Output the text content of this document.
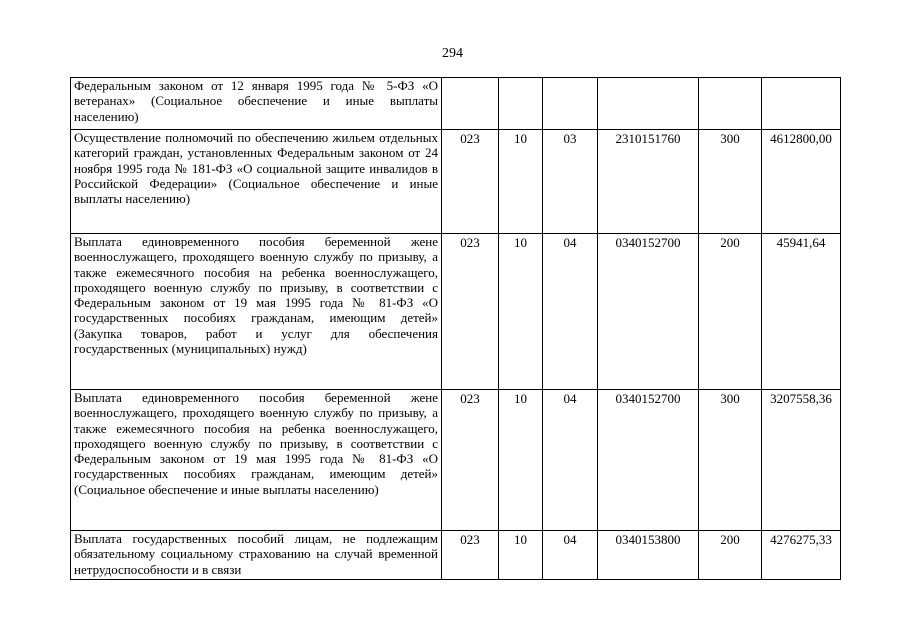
294
Федеральным законом от 12 января 1995 года № 5-ФЗ «О ветеранах» (Социальное обеспечение и иные выплаты населению)						
Осуществление полномочий по обеспечению жильем отдельных категорий граждан, установленных Федеральным законом от 24 ноября 1995 года № 181-ФЗ «О социальной защите инвалидов в Российской Федерации» (Социальное обеспечение и иные выплаты населению)	023	10	03	2310151760	300	4612800,00
Выплата единовременного пособия беременной жене военнослужащего, проходящего военную службу по призыву, а также ежемесячного пособия на ребенка военнослужащего, проходящего военную службу по призыву, в соответствии с Федеральным законом от 19 мая 1995 года № 81-ФЗ «О государственных пособиях гражданам, имеющим детей» (Закупка товаров, работ и услуг для обеспечения государственных (муниципальных) нужд)	023	10	04	0340152700	200	45941,64
Выплата единовременного пособия беременной жене военнослужащего, проходящего военную службу по призыву, а также ежемесячного пособия на ребенка военнослужащего, проходящего военную службу по призыву, в соответствии с Федеральным законом от 19 мая 1995 года № 81-ФЗ «О государственных пособиях гражданам, имеющим детей» (Социальное обеспечение и иные выплаты населению)	023	10	04	0340152700	300	3207558,36
Выплата государственных пособий лицам, не подлежащим обязательному социальному страхованию на случай временной нетрудоспособности и в связи	023	10	04	0340153800	200	4276275,33
